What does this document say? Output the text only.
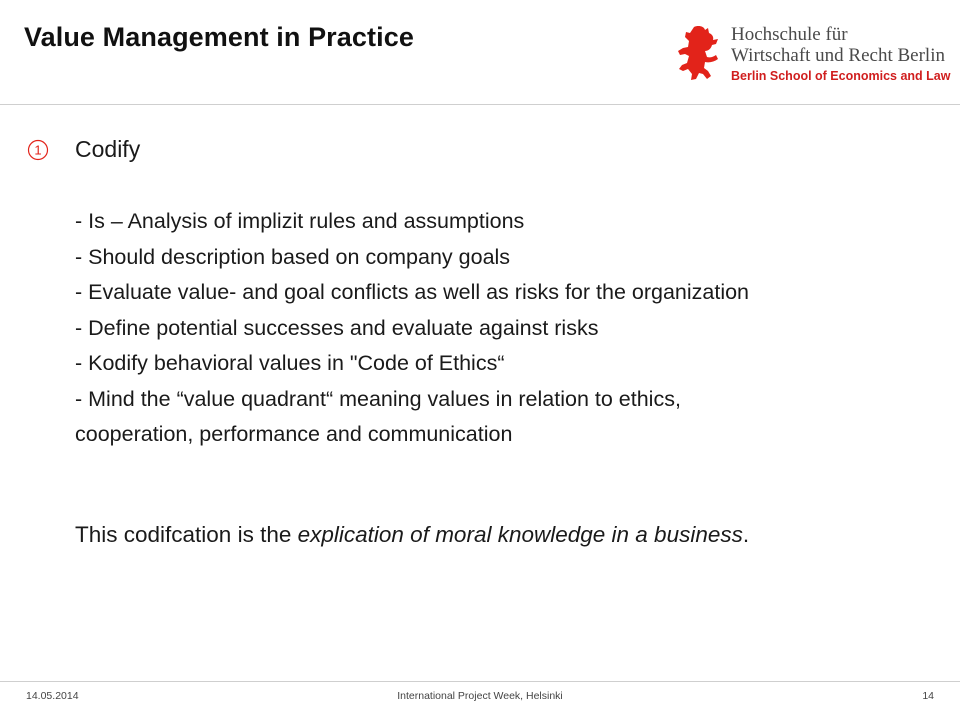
Value Management in Practice	Hochschule für
Wirtschaft und Recht Berlin
Berlin School of Economics and Law
1 Codify
- Is – Analysis of implizit rules and assumptions
- Should description based on company goals
- Evaluate value- and goal conflicts as well as risks for the organization
- Define potential successes and evaluate against risks
- Kodify behavioral values in "Code of Ethics“
- Mind the “value quadrant“ meaning values in relation to ethics,
cooperation, performance and communication
This codifcation is the explication of moral knowledge in a business.
14.05.2014	International Project Week, Helsinki	14
